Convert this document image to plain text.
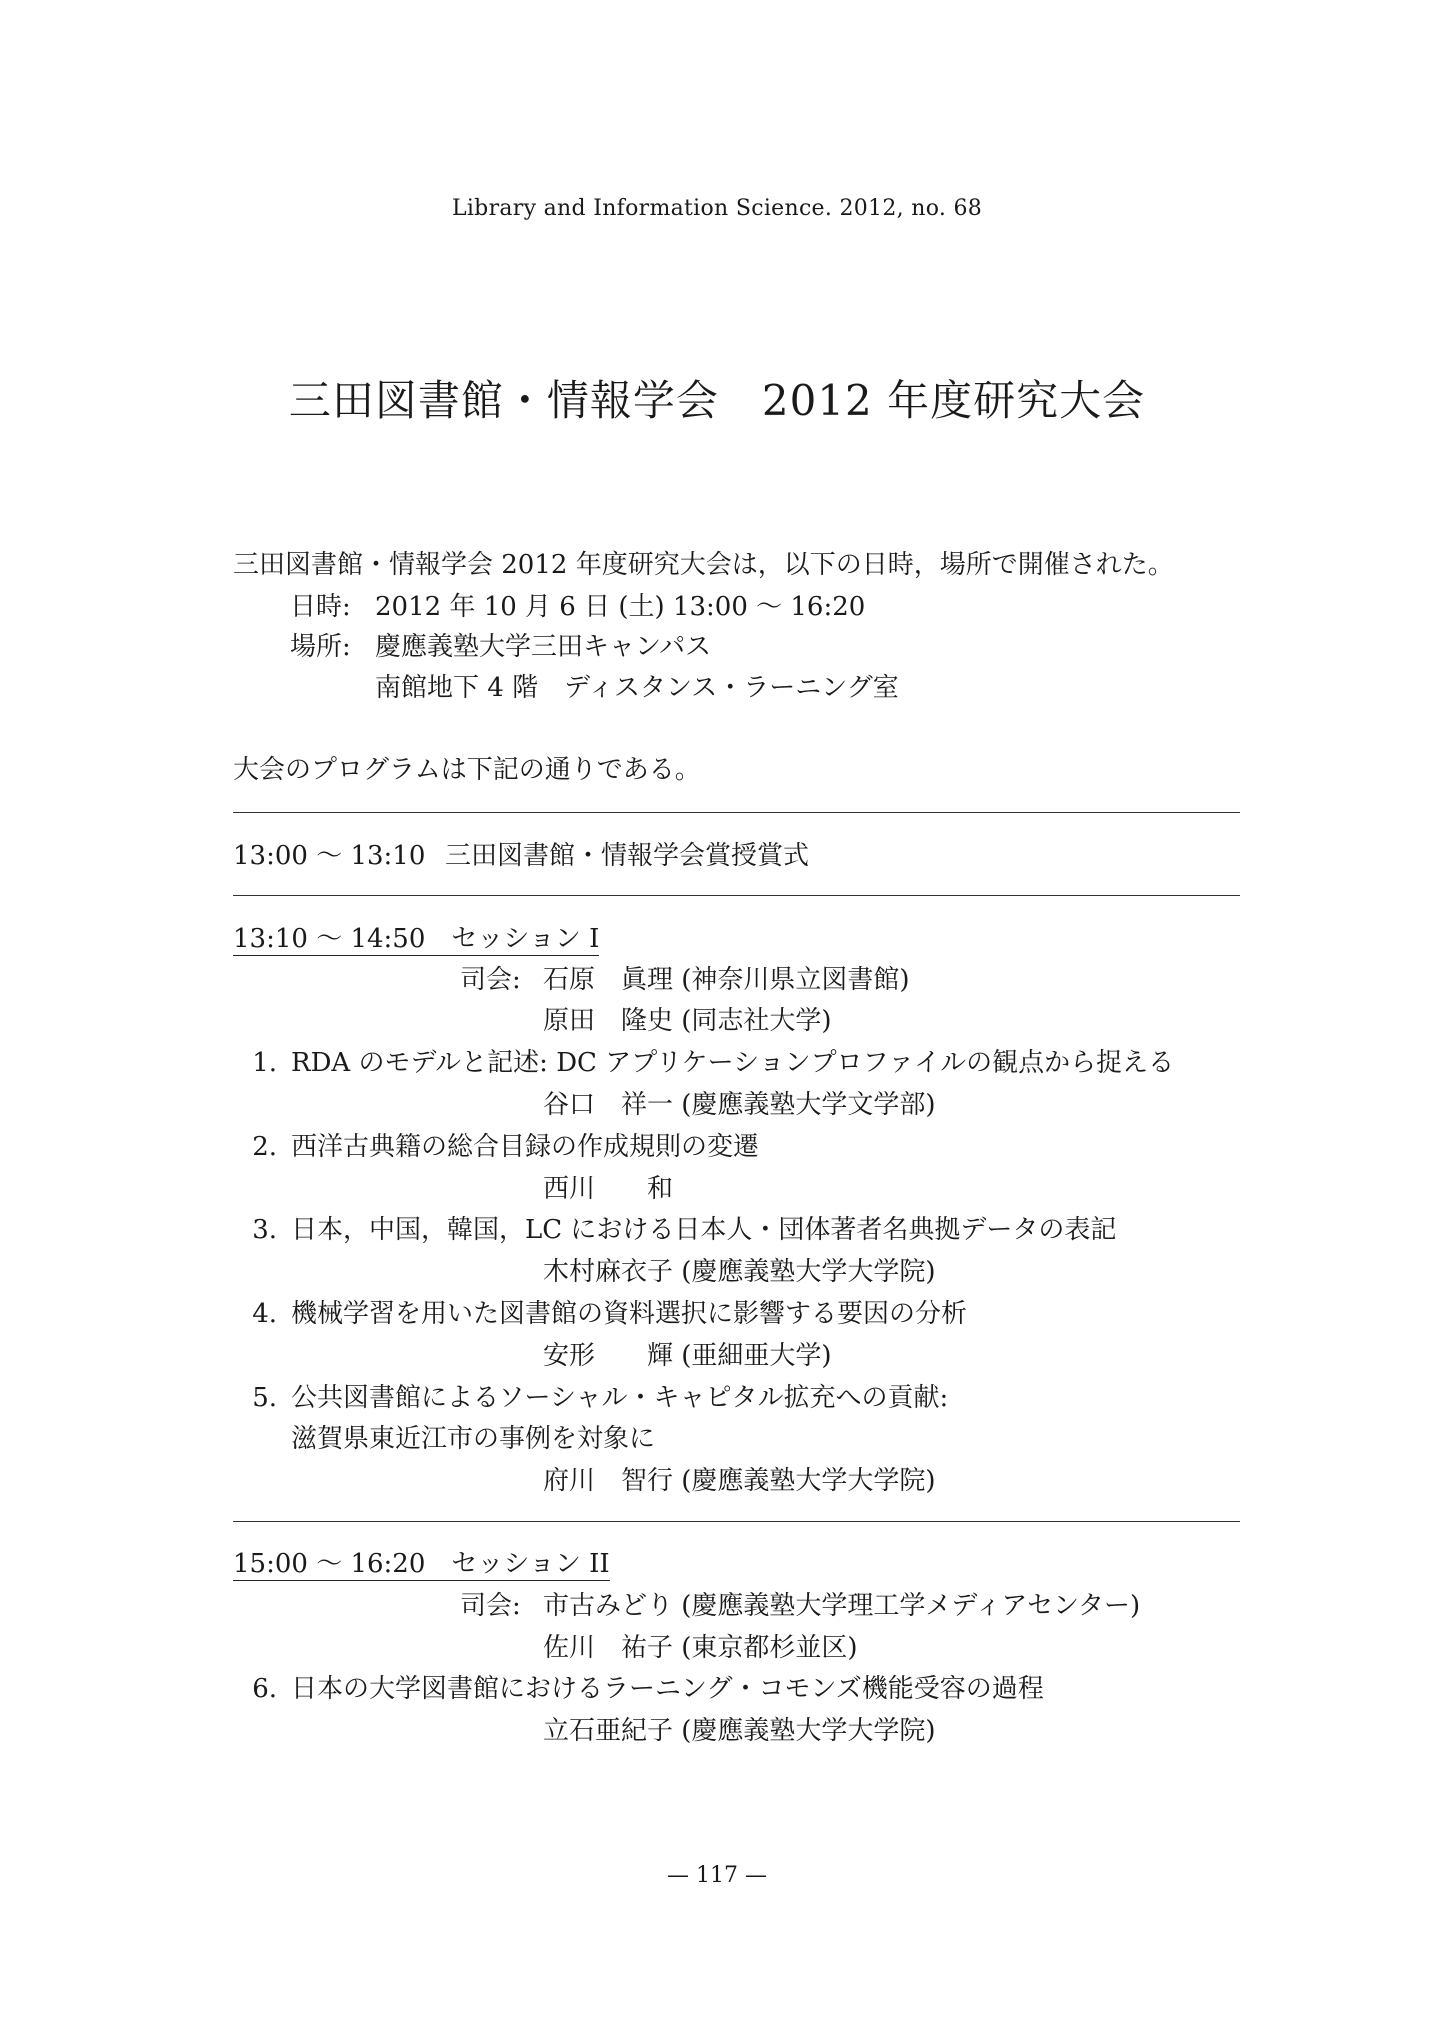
Library and Information Science. 2012, no. 68
三田図書館・情報学会　2012 年度研究大会
三田図書館・情報学会 2012 年度研究大会は，以下の日時，場所で開催された。
日時: 2012 年 10 月 6 日 (土) 13:00 〜 16:20
場所: 慶應義塾大学三田キャンパス
南館地下 4 階　ディスタンス・ラーニング室
大会のプログラムは下記の通りである。
13:00 〜 13:10 三田図書館・情報学会賞授賞式
13:10 〜 14:50　セッション I
司会: 石原　眞理 (神奈川県立図書館)
原田　隆史 (同志社大学)
1. RDA のモデルと記述: DC アプリケーションプロファイルの観点から捉える
谷口　祥一 (慶應義塾大学文学部)
2. 西洋古典籍の総合目録の作成規則の変遷
西川　　和
3. 日本，中国，韓国，LC における日本人・団体著者名典拠データの表記
木村麻衣子 (慶應義塾大学大学院)
4. 機械学習を用いた図書館の資料選択に影響する要因の分析
安形　　輝 (亜細亜大学)
5. 公共図書館によるソーシャル・キャピタル拡充への貢献:
滋賀県東近江市の事例を対象に
府川　智行 (慶應義塾大学大学院)
15:00 〜 16:20　セッション II
司会: 市古みどり (慶應義塾大学理工学メディアセンター)
佐川　祐子 (東京都杉並区)
6. 日本の大学図書館におけるラーニング・コモンズ機能受容の過程
立石亜紀子 (慶應義塾大学大学院)
— 117 —
